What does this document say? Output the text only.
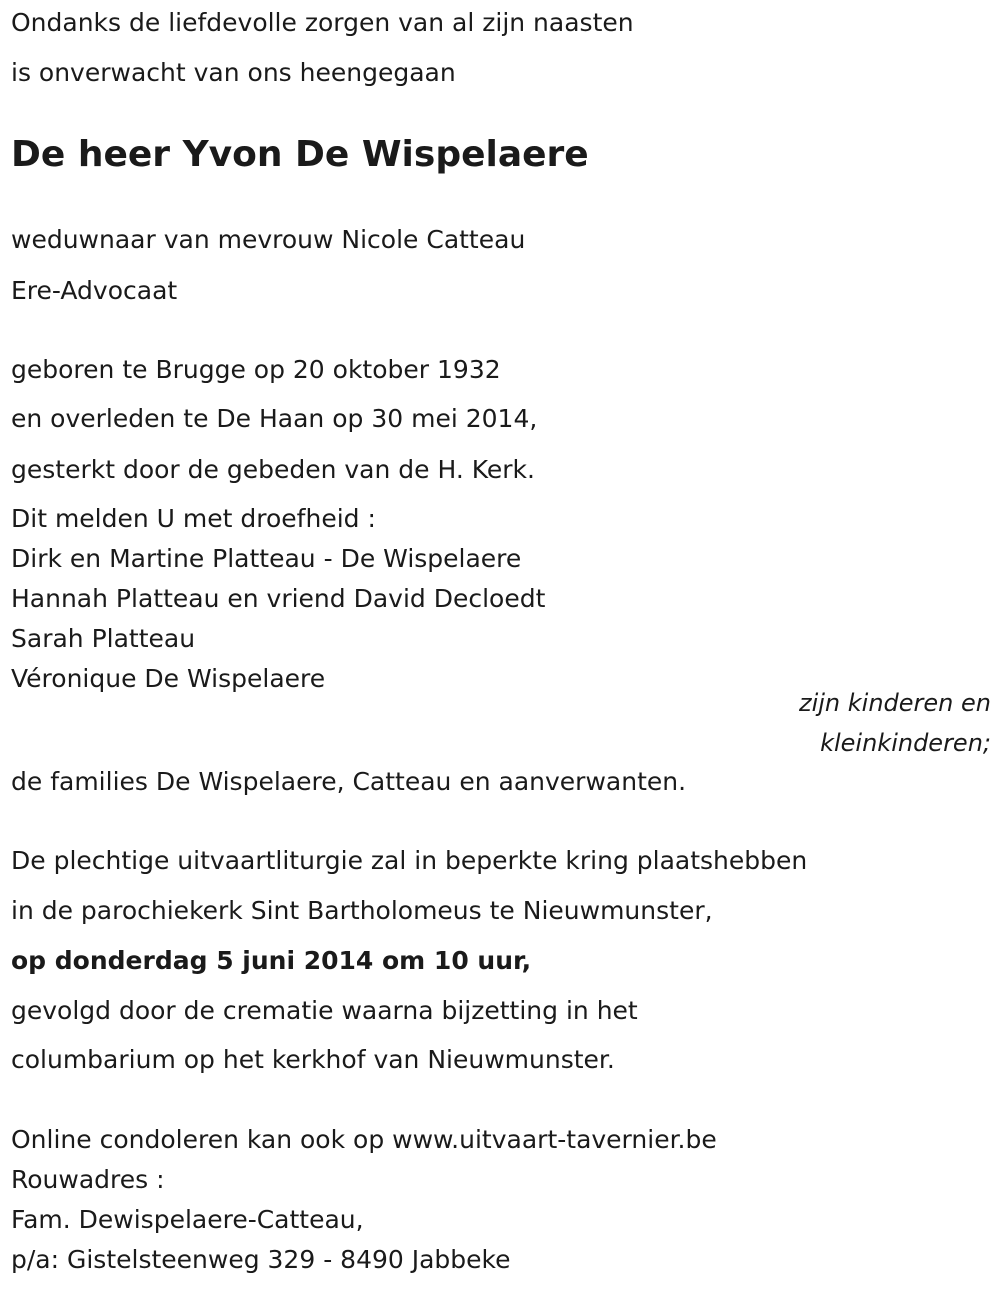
Ondanks de liefdevolle zorgen van al zijn naasten

is onverwacht van ons heengegaan

De heer Yvon De Wispelaere

weduwnaar van mevrouw Nicole Catteau

Ere-Advocaat

geboren te Brugge op 20 oktober 1932

en overleden te De Haan op 30 mei 2014,

gesterkt door de gebeden van de H. Kerk.

Dit melden U met droefheid :

Dirk en Martine Platteau - De Wispelaere

Hannah Platteau en vriend David Decloedt

Sarah Platteau

Véronique De Wispelaere

zijn kinderen en

kleinkinderen;

de families De Wispelaere, Catteau en aanverwanten.

De plechtige uitvaartliturgie zal in beperkte kring plaatshebben

in de parochiekerk Sint Bartholomeus te Nieuwmunster,

op donderdag 5 juni 2014 om 10 uur,

gevolgd door de crematie waarna bijzetting in het

columbarium op het kerkhof van Nieuwmunster.

Online condoleren kan ook op www.uitvaart-tavernier.be

Rouwadres :

Fam. Dewispelaere-Catteau,

p/a: Gistelsteenweg 329 - 8490 Jabbeke
